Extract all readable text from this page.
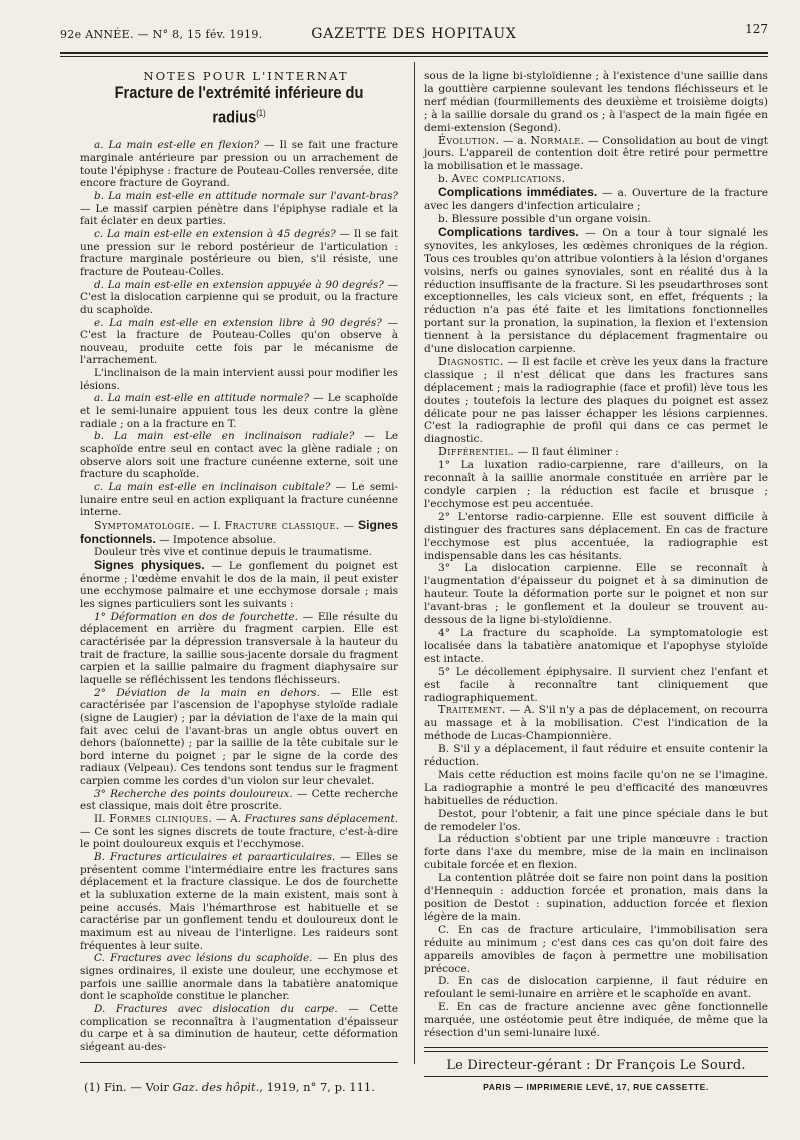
92e ANNÉE. — N° 8, 15 fév. 1919.	GAZETTE DES HOPITAUX	127

NOTES POUR L'INTERNAT

Fracture de l'extrémité inférieure du radius$^{(1)}$

a. La main est-elle en flexion? — Il se fait une fracture marginale antérieure par pression ou un arrachement de toute l'épiphyse : fracture de Pouteau-Colles renversée, dite encore fracture de Goyrand.

b. La main est-elle en attitude normale sur l'avant-bras? — Le massif carpien pénètre dans l'épiphyse radiale et la fait éclater en deux parties.

c. La main est-elle en extension à 45 degrés? — Il se fait une pression sur le rebord postérieur de l'articulation : fracture marginale postérieure ou bien, s'il résiste, une fracture de Pouteau-Colles.

d. La main est-elle en extension appuyée à 90 degrés? — C'est la dislocation carpienne qui se produit, ou la fracture du scaphoïde.

e. La main est-elle en extension libre à 90 degrés? — C'est la fracture de Pouteau-Colles qu'on observe à nouveau, produite cette fois par le mécanisme de l'arrachement.

L'inclinaison de la main intervient aussi pour modifier les lésions.

a. La main est-elle en attitude normale? — Le scaphoïde et le semi-lunaire appuient tous les deux contre la glène radiale ; on a la fracture en T.

b. La main est-elle en inclinaison radiale? — Le scaphoïde entre seul en contact avec la glène radiale ; on observe alors soit une fracture cunéenne externe, soit une fracture du scaphoïde.

c. La main est-elle en inclinaison cubitale? — Le semi-lunaire entre seul en action expliquant la fracture cunéenne interne.

Symptomatologie. — I. Fracture classique. — Signes fonctionnels. — Impotence absolue.

Douleur très vive et continue depuis le traumatisme.

Signes physiques. — Le gonflement du poignet est énorme ; l'œdème envahit le dos de la main, il peut exister une ecchymose palmaire et une ecchymose dorsale ; mais les signes particuliers sont les suivants :

1° Déformation en dos de fourchette. — Elle résulte du déplacement en arrière du fragment carpien. Elle est caractérisée par la dépression transversale à la hauteur du trait de fracture, la saillie sous-jacente dorsale du fragment carpien et la saillie palmaire du fragment diaphysaire sur laquelle se réfléchissent les tendons fléchisseurs.

2° Déviation de la main en dehors. — Elle est caractérisée par l'ascension de l'apophyse styloïde radiale (signe de Laugier) ; par la déviation de l'axe de la main qui fait avec celui de l'avant-bras un angle obtus ouvert en dehors (baïonnette) ; par la saillie de la tête cubitale sur le bord interne du poignet ; par le signe de la corde des radiaux (Velpeau). Ces tendons sont tendus sur le fragment carpien comme les cordes d'un violon sur leur chevalet.

3° Recherche des points douloureux. — Cette recherche est classique, mais doit être proscrite.

II. Formes cliniques. — A. Fractures sans déplacement. — Ce sont les signes discrets de toute fracture, c'est-à-dire le point douloureux exquis et l'ecchymose.

B. Fractures articulaires et paraarticulaires. — Elles se présentent comme l'intermédiaire entre les fractures sans déplacement et la fracture classique. Le dos de fourchette et la subluxation externe de la main existent, mais sont à peine accusés. Mais l'hémarthrose est habituelle et se caractérise par un gonflement tendu et douloureux dont le maximum est au niveau de l'interligne. Les raideurs sont fréquentes à leur suite.

C. Fractures avec lésions du scaphoïde. — En plus des signes ordinaires, il existe une douleur, une ecchymose et parfois une saillie anormale dans la tabatière anatomique dont le scaphoïde constitue le plancher.

D. Fractures avec dislocation du carpe. — Cette complication se reconnaîtra à l'augmentation d'épaisseur du carpe et à sa diminution de hauteur, cette déformation siégeant au-des-

(1) Fin. — Voir Gaz. des hôpit., 1919, n° 7, p. 111.

sous de la ligne bi-styloïdienne ; à l'existence d'une saillie dans la gouttière carpienne soulevant les tendons fléchisseurs et le nerf médian (fourmillements des deuxième et troisième doigts) ; à la saillie dorsale du grand os ; à l'aspect de la main figée en demi-extension (Segond).

Évolution. — a. Normale. — Consolidation au bout de vingt jours. L'appareil de contention doit être retiré pour permettre la mobilisation et le massage.

b. Avec complications.

Complications immédiates. — a. Ouverture de la fracture avec les dangers d'infection articulaire ;

b. Blessure possible d'un organe voisin.

Complications tardives. — On a tour à tour signalé les synovites, les ankyloses, les œdèmes chroniques de la région. Tous ces troubles qu'on attribue volontiers à la lésion d'organes voisins, nerfs ou gaines synoviales, sont en réalité dus à la réduction insuffisante de la fracture. Si les pseudarthroses sont exceptionnelles, les cals vicieux sont, en effet, fréquents ; la réduction n'a pas été faite et les limitations fonctionnelles portant sur la pronation, la supination, la flexion et l'extension tiennent à la persistance du déplacement fragmentaire ou d'une dislocation carpienne.

Diagnostic. — Il est facile et crève les yeux dans la fracture classique ; il n'est délicat que dans les fractures sans déplacement ; mais la radiographie (face et profil) lève tous les doutes ; toutefois la lecture des plaques du poignet est assez délicate pour ne pas laisser échapper les lésions carpiennes. C'est la radiographie de profil qui dans ce cas permet le diagnostic.

Différentiel. — Il faut éliminer :

1° La luxation radio-carpienne, rare d'ailleurs, on la reconnaît à la saillie anormale constituée en arrière par le condyle carpien ; la réduction est facile et brusque ; l'ecchymose est peu accentuée.

2° L'entorse radio-carpienne. Elle est souvent difficile à distinguer des fractures sans déplacement. En cas de fracture l'ecchymose est plus accentuée, la radiographie est indispensable dans les cas hésitants.

3° La dislocation carpienne. Elle se reconnaît à l'augmentation d'épaisseur du poignet et à sa diminution de hauteur. Toute la déformation porte sur le poignet et non sur l'avant-bras ; le gonflement et la douleur se trouvent au-dessous de la ligne bi-styloïdienne.

4° La fracture du scaphoïde. La symptomatologie est localisée dans la tabatière anatomique et l'apophyse styloïde est intacte.

5° Le décollement épiphysaire. Il survient chez l'enfant et est facile à reconnaître tant cliniquement que radiographiquement.

Traitement. — A. S'il n'y a pas de déplacement, on recourra au massage et à la mobilisation. C'est l'indication de la méthode de Lucas-Championnière.

B. S'il y a déplacement, il faut réduire et ensuite contenir la réduction.

Mais cette réduction est moins facile qu'on ne se l'imagine. La radiographie a montré le peu d'efficacité des manœuvres habituelles de réduction.

Destot, pour l'obtenir, a fait une pince spéciale dans le but de remodeler l'os.

La réduction s'obtient par une triple manœuvre : traction forte dans l'axe du membre, mise de la main en inclinaison cubitale forcée et en flexion.

La contention plâtrée doit se faire non point dans la position d'Hennequin : adduction forcée et pronation, mais dans la position de Destot : supination, adduction forcée et flexion légère de la main.

C. En cas de fracture articulaire, l'immobilisation sera réduite au minimum ; c'est dans ces cas qu'on doit faire des appareils amovibles de façon à permettre une mobilisation précoce.

D. En cas de dislocation carpienne, il faut réduire en refoulant le semi-lunaire en arrière et le scaphoïde en avant.

E. En cas de fracture ancienne avec gêne fonctionnelle marquée, une ostéotomie peut être indiquée, de même que la résection d'un semi-lunaire luxé.

Le Directeur-gérant : Dr François Le Sourd.
PARIS — IMPRIMERIE LEVÉ, 17, RUE CASSETTE.
